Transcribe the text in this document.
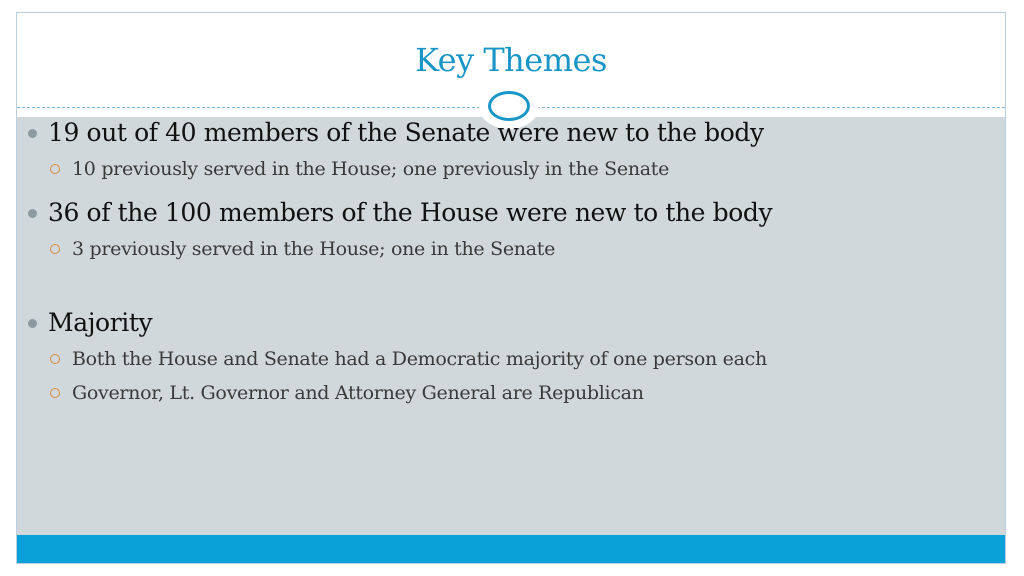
Key Themes
19 out of 40 members of the Senate were new to the body
10 previously served in the House; one previously in the Senate
36 of the 100 members of the House were new to the body
3 previously served in the House; one in the Senate
Majority
Both the House and Senate had a Democratic majority of one person each
Governor, Lt. Governor and Attorney General are Republican
